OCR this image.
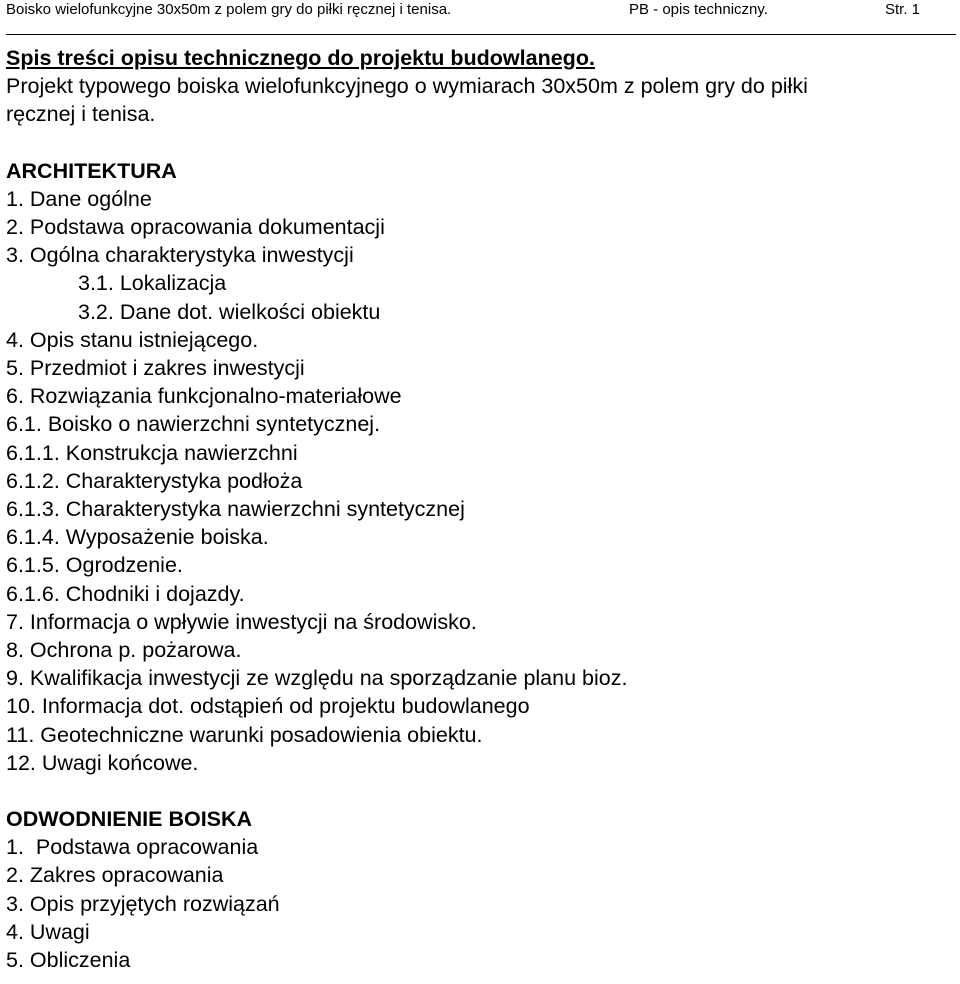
Boisko wielofunkcyjne 30x50m z polem gry do piłki ręcznej i tenisa.	PB - opis techniczny.	Str. 1
Spis treści opisu technicznego do projektu budowlanego.
Projekt typowego boiska wielofunkcyjnego o wymiarach 30x50m z polem gry do piłki
ręcznej i tenisa.
ARCHITEKTURA
1. Dane ogólne
2. Podstawa opracowania dokumentacji
3. Ogólna charakterystyka inwestycji
3.1. Lokalizacja
3.2. Dane dot. wielkości obiektu
4. Opis stanu istniejącego.
5. Przedmiot i zakres inwestycji
6. Rozwiązania funkcjonalno-materiałowe
6.1. Boisko o nawierzchni syntetycznej.
6.1.1. Konstrukcja nawierzchni
6.1.2. Charakterystyka podłoża
6.1.3. Charakterystyka nawierzchni syntetycznej
6.1.4. Wyposażenie boiska.
6.1.5. Ogrodzenie.
6.1.6. Chodniki i dojazdy.
7. Informacja o wpływie inwestycji na środowisko.
8. Ochrona p. pożarowa.
9. Kwalifikacja inwestycji ze względu na sporządzanie planu bioz.
10. Informacja dot. odstąpień od projektu budowlanego
11. Geotechniczne warunki posadowienia obiektu.
12. Uwagi końcowe.
ODWODNIENIE BOISKA
1.  Podstawa opracowania
2. Zakres opracowania
3. Opis przyjętych rozwiązań
4. Uwagi
5. Obliczenia
